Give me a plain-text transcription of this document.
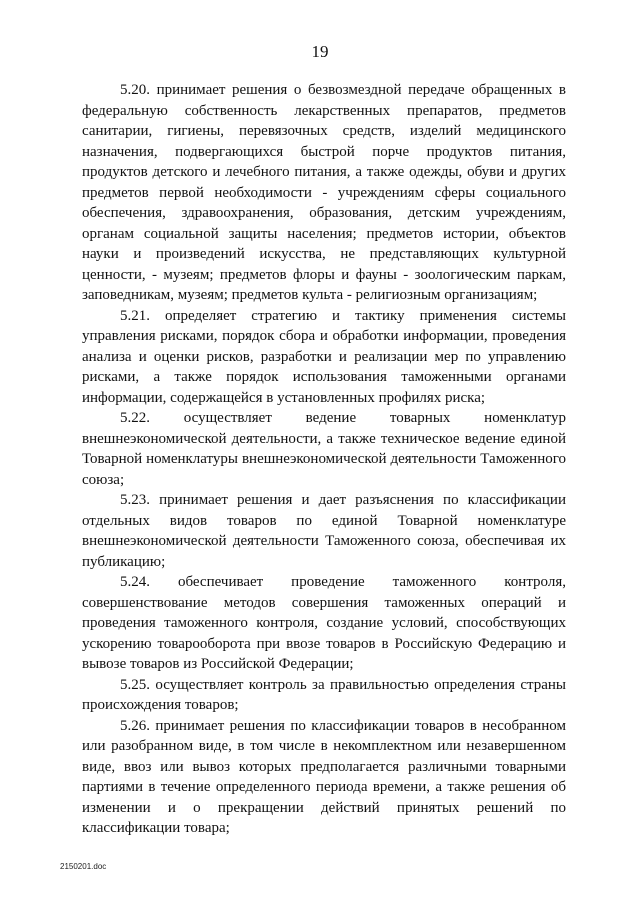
19

5.20. принимает решения о безвозмездной передаче обращенных в федеральную собственность лекарственных препаратов, предметов санитарии, гигиены, перевязочных средств, изделий медицинского назначения, подвергающихся быстрой порче продуктов питания, продуктов детского и лечебного питания, а также одежды, обуви и других предметов первой необходимости - учреждениям сферы социального обеспечения, здравоохранения, образования, детским учреждениям, органам социальной защиты населения; предметов истории, объектов науки и произведений искусства, не представляющих культурной ценности, - музеям; предметов флоры и фауны - зоологическим паркам, заповедникам, музеям; предметов культа - религиозным организациям;

5.21. определяет стратегию и тактику применения системы управления рисками, порядок сбора и обработки информации, проведения анализа и оценки рисков, разработки и реализации мер по управлению рисками, а также порядок использования таможенными органами информации, содержащейся в установленных профилях риска;

5.22. осуществляет ведение товарных номенклатур внешнеэкономической деятельности, а также техническое ведение единой Товарной номенклатуры внешнеэкономической деятельности Таможенного союза;

5.23. принимает решения и дает разъяснения по классификации отдельных видов товаров по единой Товарной номенклатуре внешнеэкономической деятельности Таможенного союза, обеспечивая их публикацию;

5.24. обеспечивает проведение таможенного контроля, совершенствование методов совершения таможенных операций и проведения таможенного контроля, создание условий, способствующих ускорению товарооборота при ввозе товаров в Российскую Федерацию и вывозе товаров из Российской Федерации;

5.25. осуществляет контроль за правильностью определения страны происхождения товаров;

5.26. принимает решения по классификации товаров в несобранном или разобранном виде, в том числе в некомплектном или незавершенном виде, ввоз или вывоз которых предполагается различными товарными партиями в течение определенного периода времени, а также решения об изменении и о прекращении действий принятых решений по классификации товара;

2150201.doc
